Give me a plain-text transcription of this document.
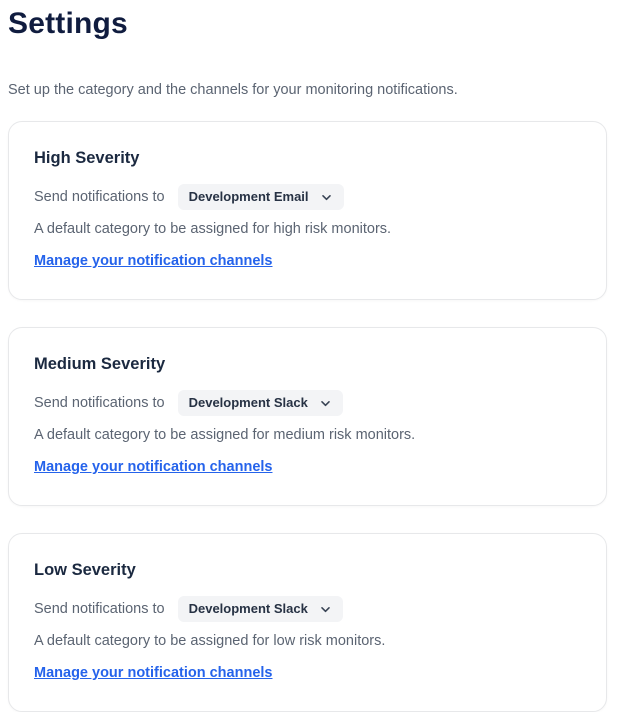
Settings

Set up the category and the channels for your monitoring notifications.

High Severity
Send notifications to Development Email
A default category to be assigned for high risk monitors.
Manage your notification channels
Medium Severity
Send notifications to Development Slack
A default category to be assigned for medium risk monitors.
Manage your notification channels
Low Severity
Send notifications to Development Slack
A default category to be assigned for low risk monitors.
Manage your notification channels
